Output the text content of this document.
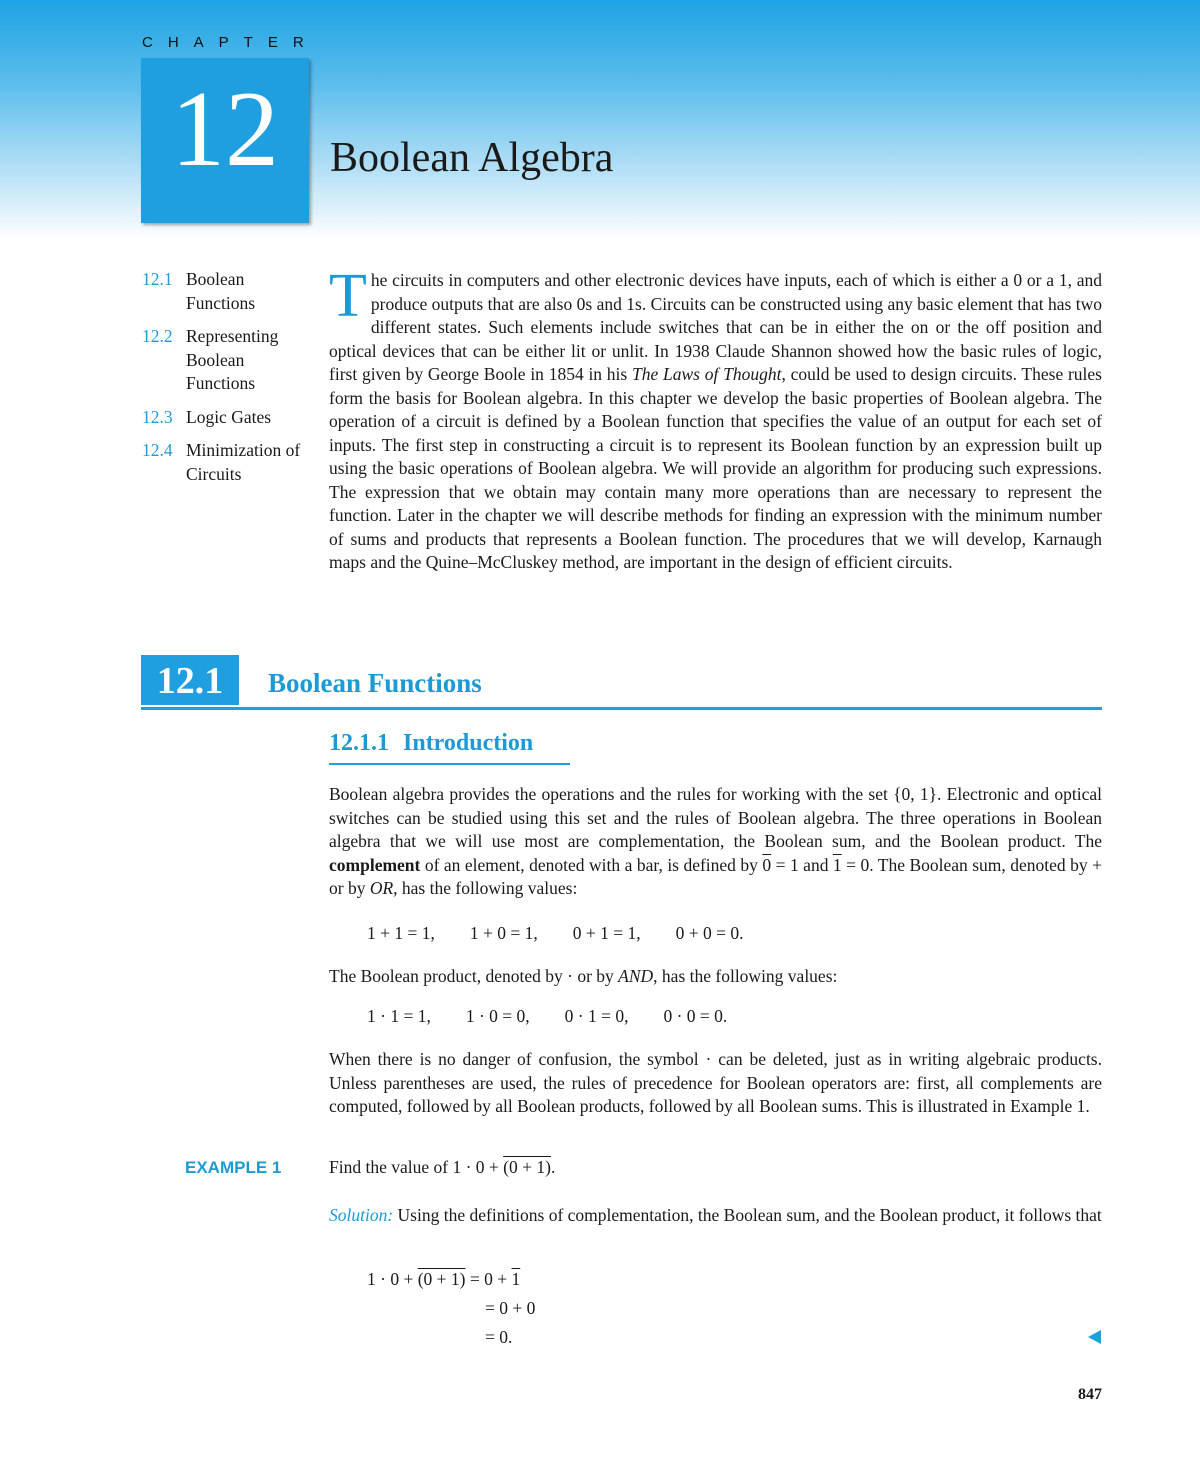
CHAPTER
12	Boolean Algebra
12.1 Boolean Functions
12.2 Representing Boolean Functions
12.3 Logic Gates
12.4 Minimization of Circuits
The circuits in computers and other electronic devices have inputs, each of which is either a 0 or a 1, and produce outputs that are also 0s and 1s. Circuits can be constructed using any basic element that has two different states. Such elements include switches that can be in either the on or the off position and optical devices that can be either lit or unlit. In 1938 Claude Shannon showed how the basic rules of logic, first given by George Boole in 1854 in his The Laws of Thought, could be used to design circuits. These rules form the basis for Boolean algebra. In this chapter we develop the basic properties of Boolean algebra. The operation of a circuit is defined by a Boolean function that specifies the value of an output for each set of inputs. The first step in constructing a circuit is to represent its Boolean function by an expression built up using the basic operations of Boolean algebra. We will provide an algorithm for producing such expressions. The expression that we obtain may contain many more operations than are necessary to represent the function. Later in the chapter we will describe methods for finding an expression with the minimum number of sums and products that represents a Boolean function. The procedures that we will develop, Karnaugh maps and the Quine–McCluskey method, are important in the design of efficient circuits.
12.1	Boolean Functions
12.1.1 Introduction
Boolean algebra provides the operations and the rules for working with the set {0, 1}. Electronic and optical switches can be studied using this set and the rules of Boolean algebra. The three operations in Boolean algebra that we will use most are complementation, the Boolean sum, and the Boolean product. The complement of an element, denoted with a bar, is defined by 0 = 1 and 1 = 0. The Boolean sum, denoted by + or by OR, has the following values:
1 + 1 = 1,        1 + 0 = 1,        0 + 1 = 1,        0 + 0 = 0.
The Boolean product, denoted by · or by AND, has the following values:
1 · 1 = 1,        1 · 0 = 0,        0 · 1 = 0,        0 · 0 = 0.
When there is no danger of confusion, the symbol · can be deleted, just as in writing algebraic products. Unless parentheses are used, the rules of precedence for Boolean operators are: first, all complements are computed, followed by all Boolean products, followed by all Boolean sums. This is illustrated in Example 1.
EXAMPLE 1	Find the value of 1 · 0 + (0 + 1).
Solution: Using the definitions of complementation, the Boolean sum, and the Boolean product, it follows that
1 · 0 + (0 + 1) = 0 + 1
= 0 + 0
= 0.
847
